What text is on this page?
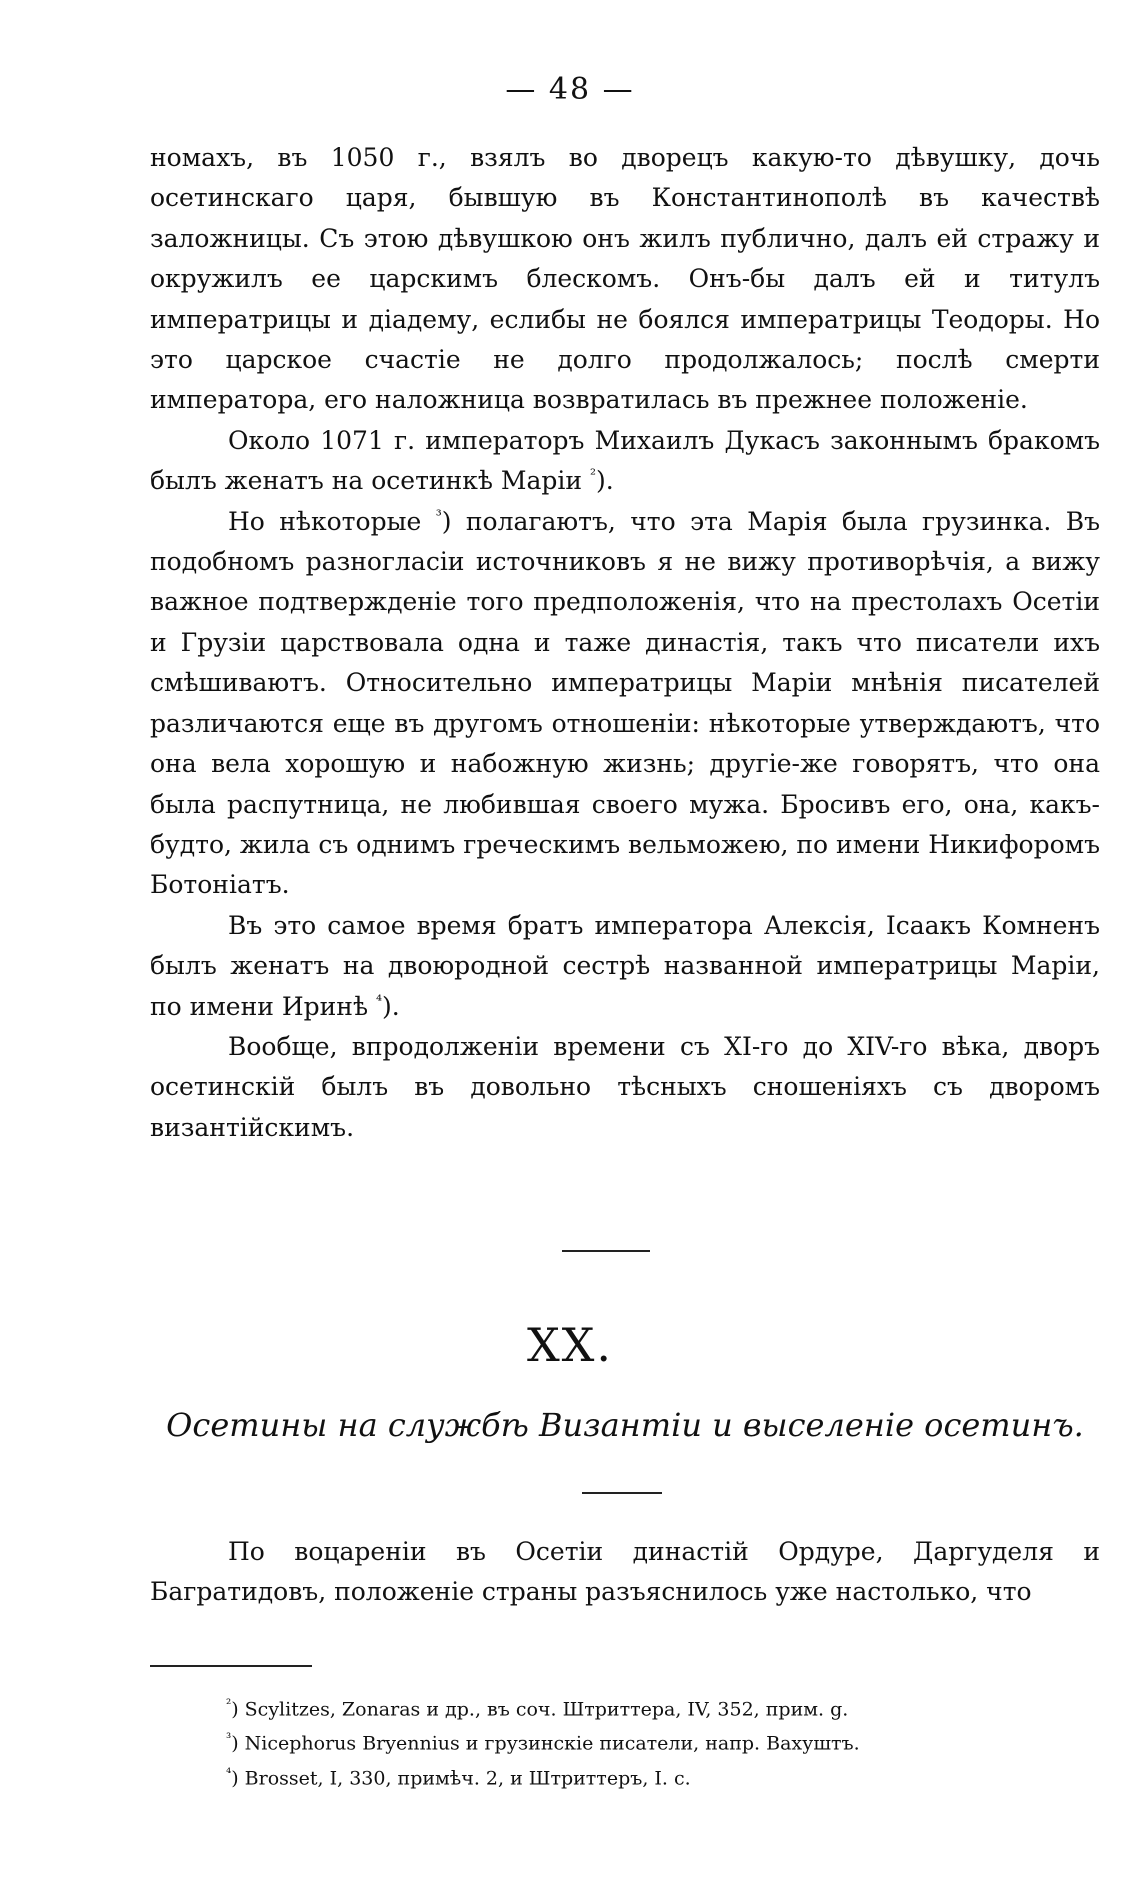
— 48 —

номахъ, въ 1050 г., взялъ во дворецъ какую-то дѣвушку, дочь осетинскаго царя, бывшую въ Константинополѣ въ качествѣ заложницы. Съ этою дѣвушкою онъ жилъ публично, далъ ей стражу и окружилъ ее царскимъ блескомъ. Онъ-бы далъ ей и титулъ императрицы и діадему, еслибы не боялся императрицы Теодоры. Но это царское счастіе не долго продолжалось; послѣ смерти императора, его наложница возвратилась въ прежнее положеніе.

Около 1071 г. императоръ Михаилъ Дукасъ законнымъ бракомъ былъ женатъ на осетинкѣ Маріи $^{^2}$).

Но нѣкоторые $^{^3}$) полагаютъ, что эта Марія была грузинка. Въ подобномъ разногласіи источниковъ я не вижу противорѣчія, а вижу важное подтвержденіе того предположенія, что на престолахъ Осетіи и Грузіи царствовала одна и таже династія, такъ что писатели ихъ смѣшиваютъ. Относительно императрицы Маріи мнѣнія писателей различаются еще въ другомъ отношеніи: нѣкоторые утверждаютъ, что она вела хорошую и набожную жизнь; другіе-же говорятъ, что она была распутница, не любившая своего мужа. Бросивъ его, она, какъ-будто, жила съ однимъ греческимъ вельможею, по имени Никифоромъ Ботоніатъ.

Въ это самое время братъ императора Алексія, Ісаакъ Комненъ былъ женатъ на двоюродной сестрѣ названной императрицы Маріи, по имени Иринѣ $^{^4}$).

Вообще, впродолженіи времени съ XI-го до XIV-го вѣка, дворъ осетинскій былъ въ довольно тѣсныхъ сношеніяхъ съ дворомъ византійскимъ.

XX.
Осетины на службѣ Византіи и выселеніе осетинъ.

По воцареніи въ Осетіи династій Ордуре, Даргуделя и Багратидовъ, положеніе страны разъяснилось уже настолько, что

$^{^2}$) Scylitzes, Zonaras и др., въ соч. Штриттера, IV, 352, прим. g.
$^{^3}$) Nicephorus Bryennius и грузинскіе писатели, напр. Вахуштъ.
$^{^4}$) Brosset, I, 330, примѣч. 2, и Штриттеръ, I. с.
